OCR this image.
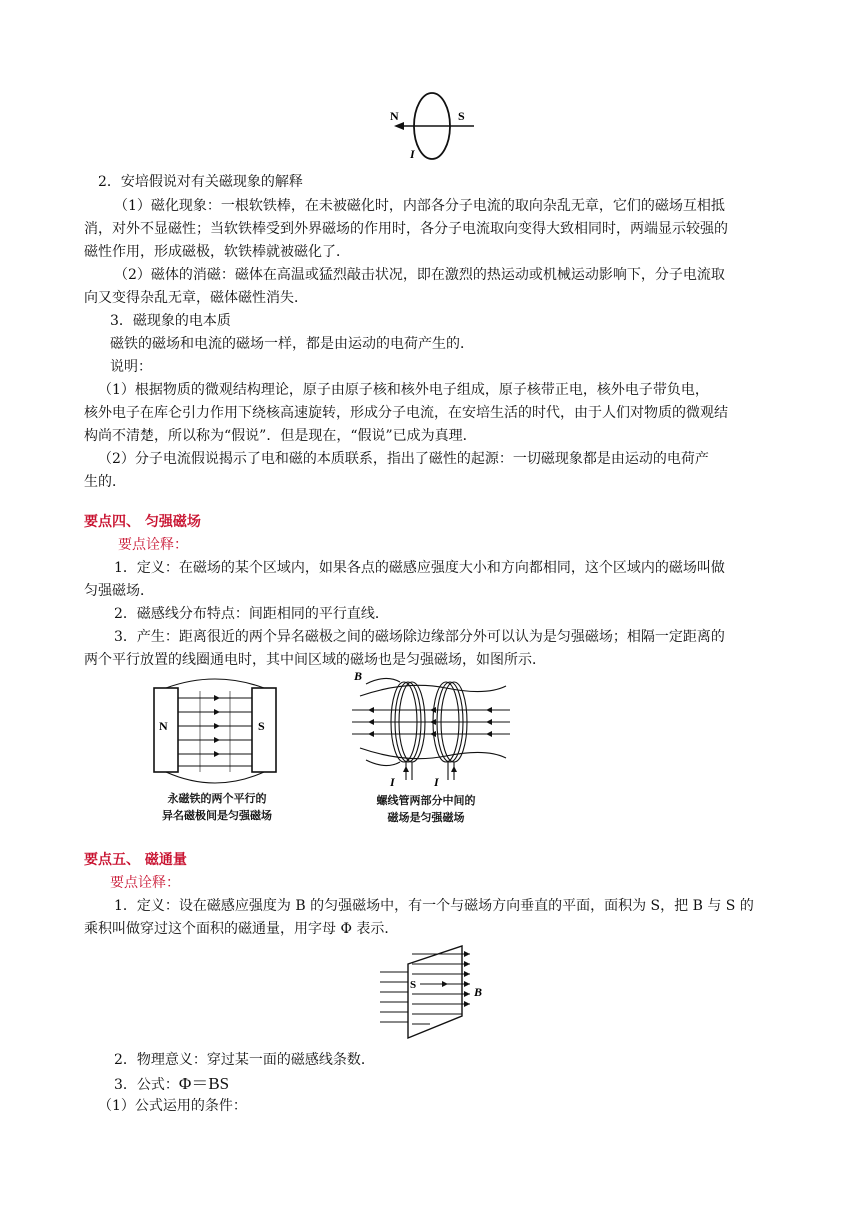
N	S
I
2．安培假说对有关磁现象的解释
（1）磁化现象：一根软铁棒，在未被磁化时，内部各分子电流的取向杂乱无章，它们的磁场互相抵
消，对外不显磁性；当软铁棒受到外界磁场的作用时，各分子电流取向变得大致相同时，两端显示较强的
磁性作用，形成磁极，软铁棒就被磁化了．
（2）磁体的消磁：磁体在高温或猛烈敲击状况，即在激烈的热运动或机械运动影响下，分子电流取
向又变得杂乱无章，磁体磁性消失．
3．磁现象的电本质
磁铁的磁场和电流的磁场一样，都是由运动的电荷产生的．
说明：
（1）根据物质的微观结构理论，原子由原子核和核外电子组成，原子核带正电，核外电子带负电，
核外电子在库仑引力作用下绕核高速旋转，形成分子电流，在安培生活的时代，由于人们对物质的微观结
构尚不清楚，所以称为“假说”．但是现在，“假说”已成为真理．
（2）分子电流假说揭示了电和磁的本质联系，指出了磁性的起源：一切磁现象都是由运动的电荷产
生的．
要点四、 匀强磁场
要点诠释：
1．定义：在磁场的某个区域内，如果各点的磁感应强度大小和方向都相同，这个区域内的磁场叫做
匀强磁场．
2．磁感线分布特点：间距相同的平行直线．
3．产生：距离很近的两个异名磁极之间的磁场除边缘部分外可以认为是匀强磁场；相隔一定距离的
两个平行放置的线圈通电时，其中间区域的磁场也是匀强磁场，如图所示．
N	S
永磁铁的两个平行的
异名磁极间是匀强磁场
B
I	I
螺线管两部分中间的
磁场是匀强磁场
要点五、 磁通量
要点诠释：
1．定义：设在磁感应强度为 B 的匀强磁场中，有一个与磁场方向垂直的平面，面积为 S，把 B 与 S 的
乘积叫做穿过这个面积的磁通量，用字母 Φ 表示．
S	B
2．物理意义：穿过某一面的磁感线条数．
3．公式：Φ＝BS
（1）公式运用的条件：
